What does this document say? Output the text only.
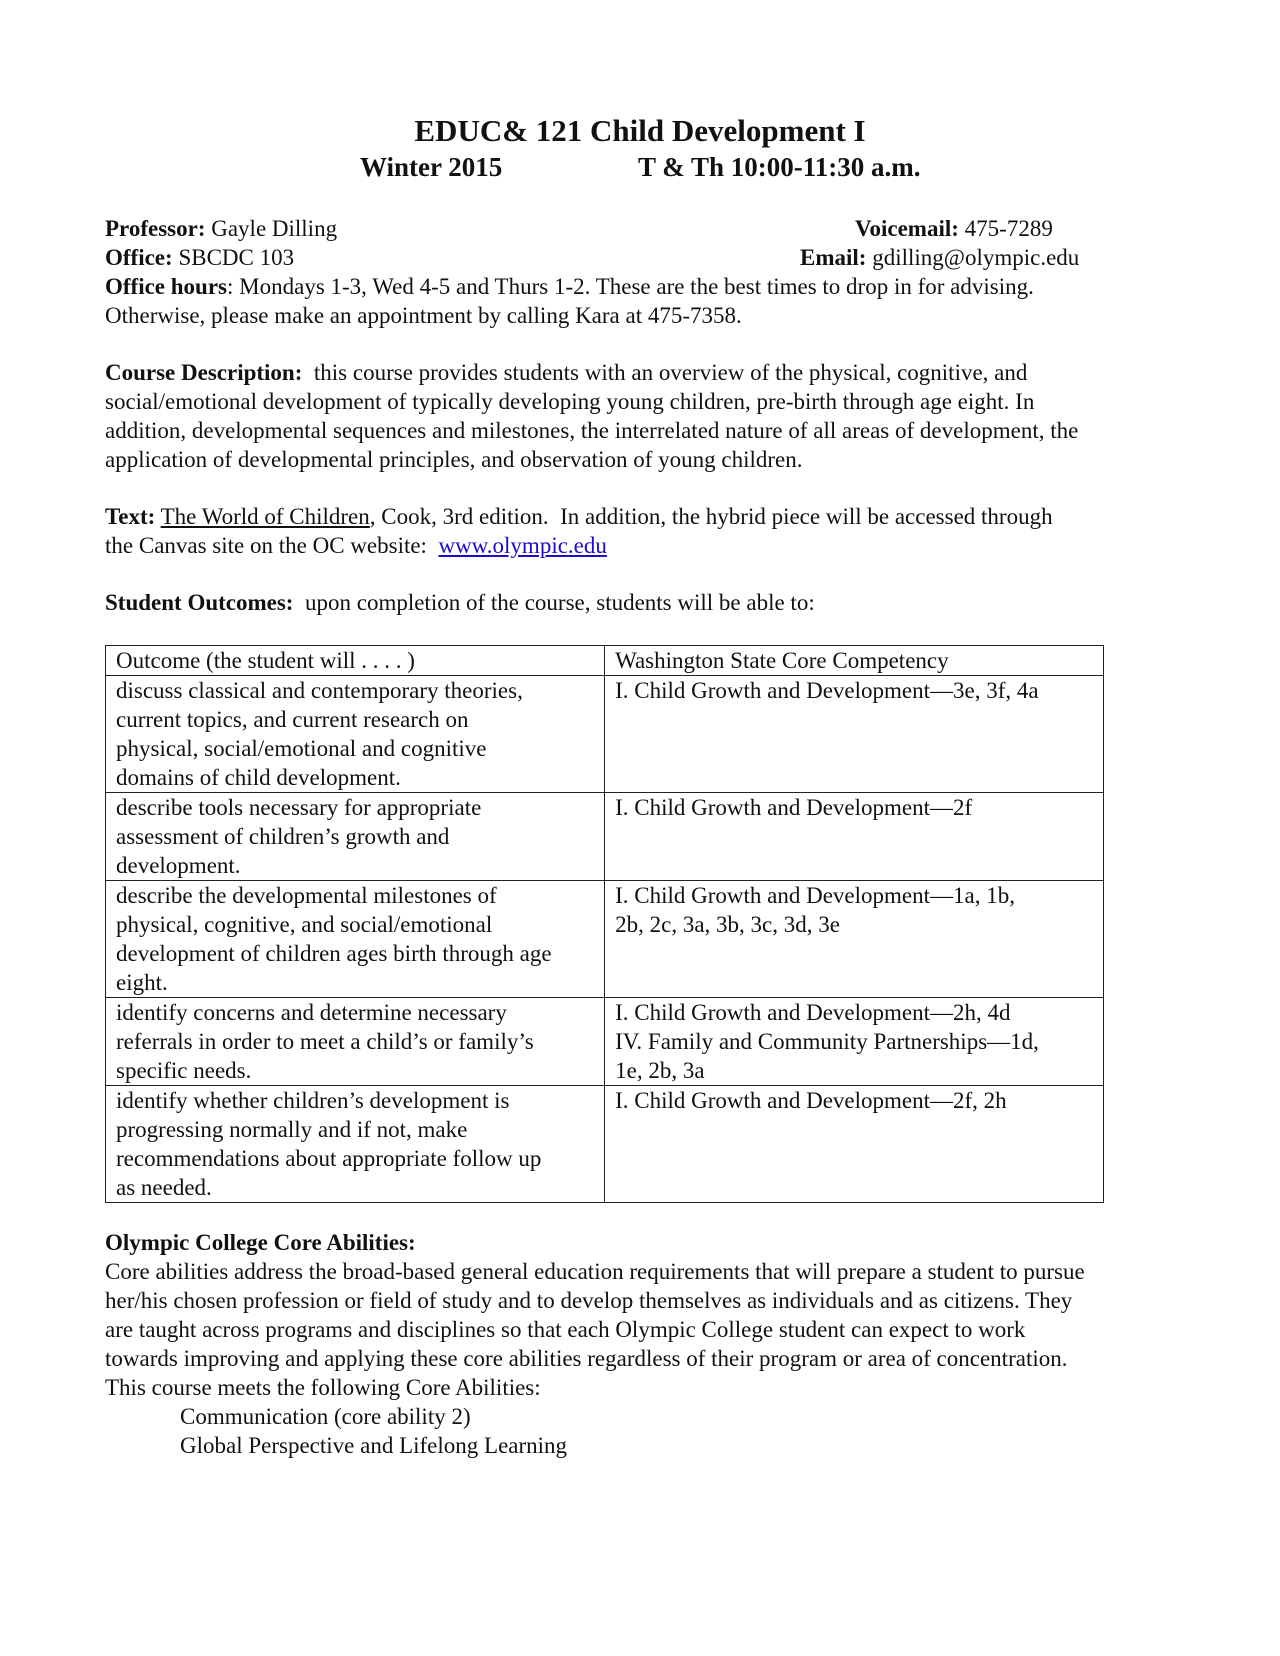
EDUC& 121 Child Development I
Winter 2015	T & Th 10:00-11:30 a.m.
Professor: Gayle Dilling	Voicemail: 475-7289
Office: SBCDC 103	Email: gdilling@olympic.edu
Office hours: Mondays 1-3, Wed 4-5 and Thurs 1-2. These are the best times to drop in for advising.
Otherwise, please make an appointment by calling Kara at 475-7358.
Course Description:  this course provides students with an overview of the physical, cognitive, and
social/emotional development of typically developing young children, pre-birth through age eight. In
addition, developmental sequences and milestones, the interrelated nature of all areas of development, the
application of developmental principles, and observation of young children.
Text: The World of Children, Cook, 3rd edition.  In addition, the hybrid piece will be accessed through
the Canvas site on the OC website:  www.olympic.edu
Student Outcomes:  upon completion of the course, students will be able to:
Outcome (the student will . . . . )	Washington State Core Competency

discuss classical and contemporary theories,
current topics, and current research on
physical, social/emotional and cognitive
domains of child development.	I. Child Growth and Development—3e, 3f, 4a

describe tools necessary for appropriate
assessment of children’s growth and
development.	I. Child Growth and Development—2f

describe the developmental milestones of
physical, cognitive, and social/emotional
development of children ages birth through age
eight.	I. Child Growth and Development—1a, 1b,
2b, 2c, 3a, 3b, 3c, 3d, 3e

identify concerns and determine necessary
referrals in order to meet a child’s or family’s
specific needs.	I. Child Growth and Development—2h, 4d
IV. Family and Community Partnerships—1d,
1e, 2b, 3a

identify whether children’s development is
progressing normally and if not, make
recommendations about appropriate follow up
as needed.	I. Child Growth and Development—2f, 2h
Olympic College Core Abilities:
Core abilities address the broad-based general education requirements that will prepare a student to pursue
her/his chosen profession or field of study and to develop themselves as individuals and as citizens. They
are taught across programs and disciplines so that each Olympic College student can expect to work
towards improving and applying these core abilities regardless of their program or area of concentration.
This course meets the following Core Abilities:
Communication (core ability 2)
Global Perspective and Lifelong Learning
